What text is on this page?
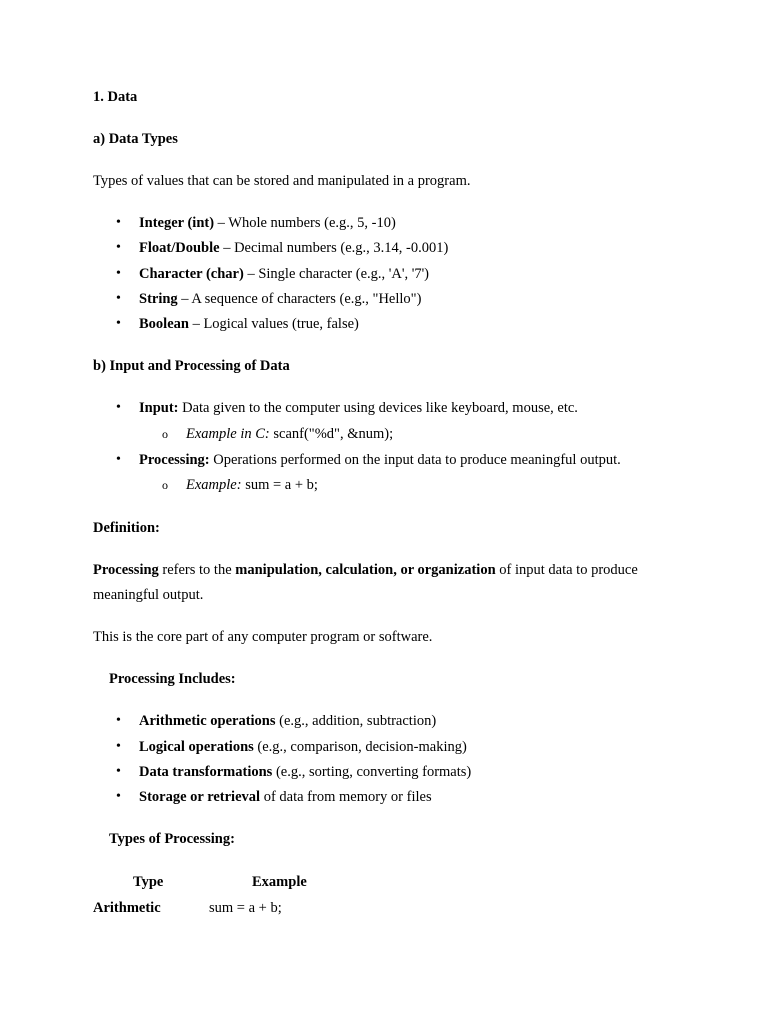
1. Data
a) Data Types
Types of values that can be stored and manipulated in a program.
• Integer (int) – Whole numbers (e.g., 5, -10)
• Float/Double – Decimal numbers (e.g., 3.14, -0.001)
• Character (char) – Single character (e.g., 'A', '7')
• String – A sequence of characters (e.g., "Hello")
• Boolean – Logical values (true, false)
b) Input and Processing of Data
• Input: Data given to the computer using devices like keyboard, mouse, etc.
o Example in C: scanf("%d", &num);
• Processing: Operations performed on the input data to produce meaningful output.
o Example: sum = a + b;
Definition:
Processing refers to the manipulation, calculation, or organization of input data to produce
meaningful output.
This is the core part of any computer program or software.
Processing Includes:
• Arithmetic operations (e.g., addition, subtraction)
• Logical operations (e.g., comparison, decision-making)
• Data transformations (e.g., sorting, converting formats)
• Storage or retrieval of data from memory or files
Types of Processing:
Type	Example
Arithmetic	sum = a + b;
